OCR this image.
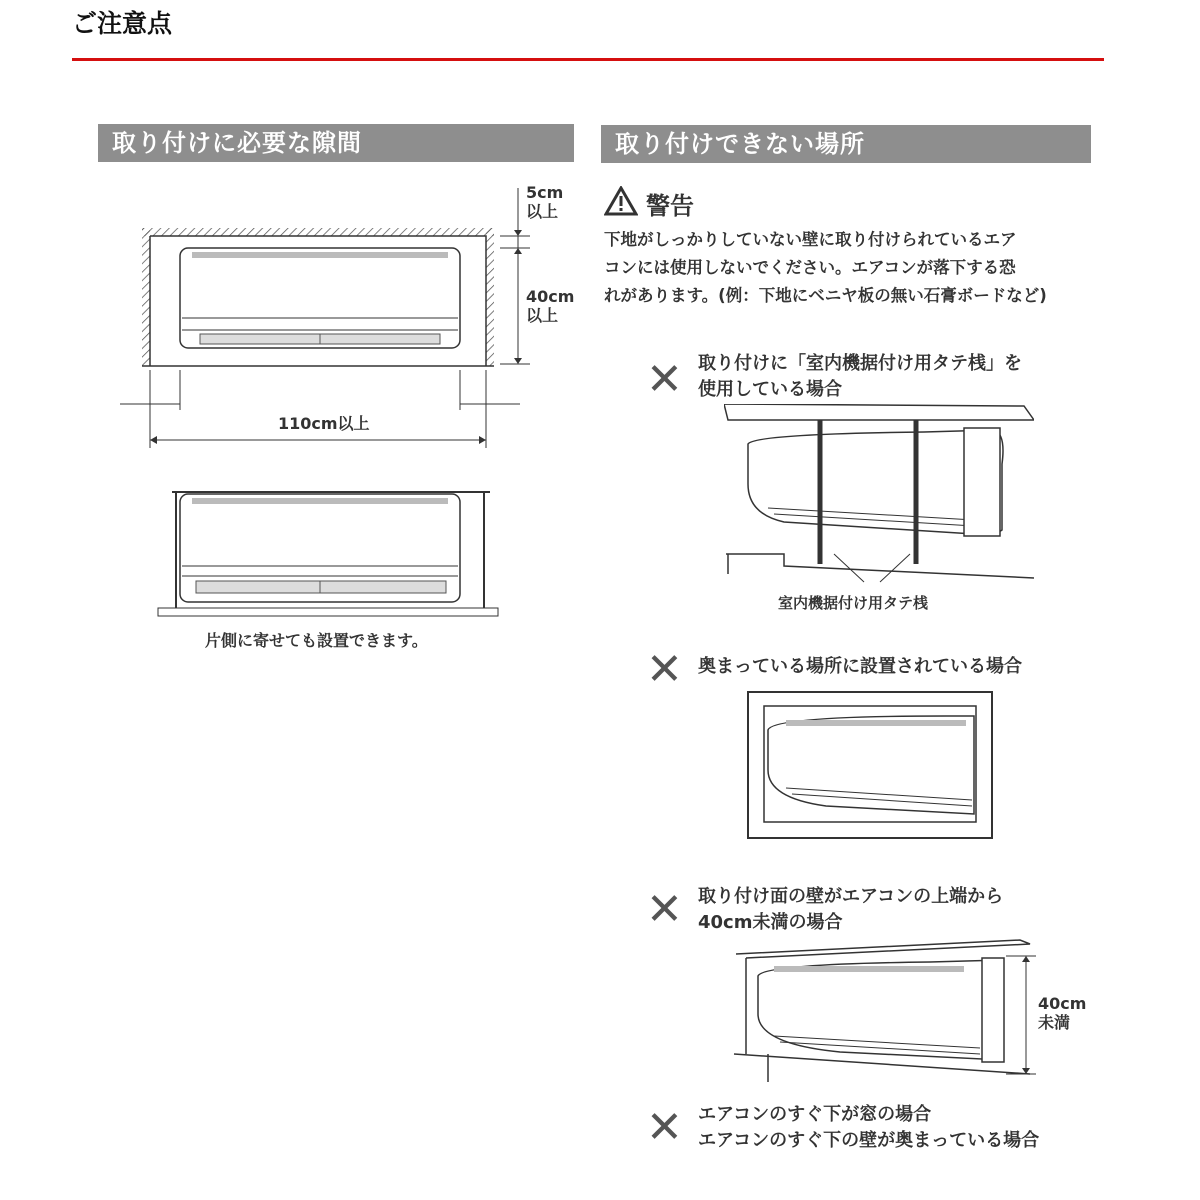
ご注意点
取り付けに必要な隙間
5cm
以上
40cm
以上
110cm以上
片側に寄せても設置できます。
取り付けできない場所
警告
下地がしっかりしていない壁に取り付けられているエア
コンには使用しないでください。エアコンが落下する恐
れがあります。(例：下地にベニヤ板の無い石膏ボードなど)
✕ 取り付けに「室内機据付け用タテ桟」を
使用している場合
室内機据付け用タテ桟
✕ 奥まっている場所に設置されている場合
✕ 取り付け面の壁がエアコンの上端から
40cm未満の場合
40cm
未満
✕ エアコンのすぐ下が窓の場合
エアコンのすぐ下の壁が奥まっている場合
